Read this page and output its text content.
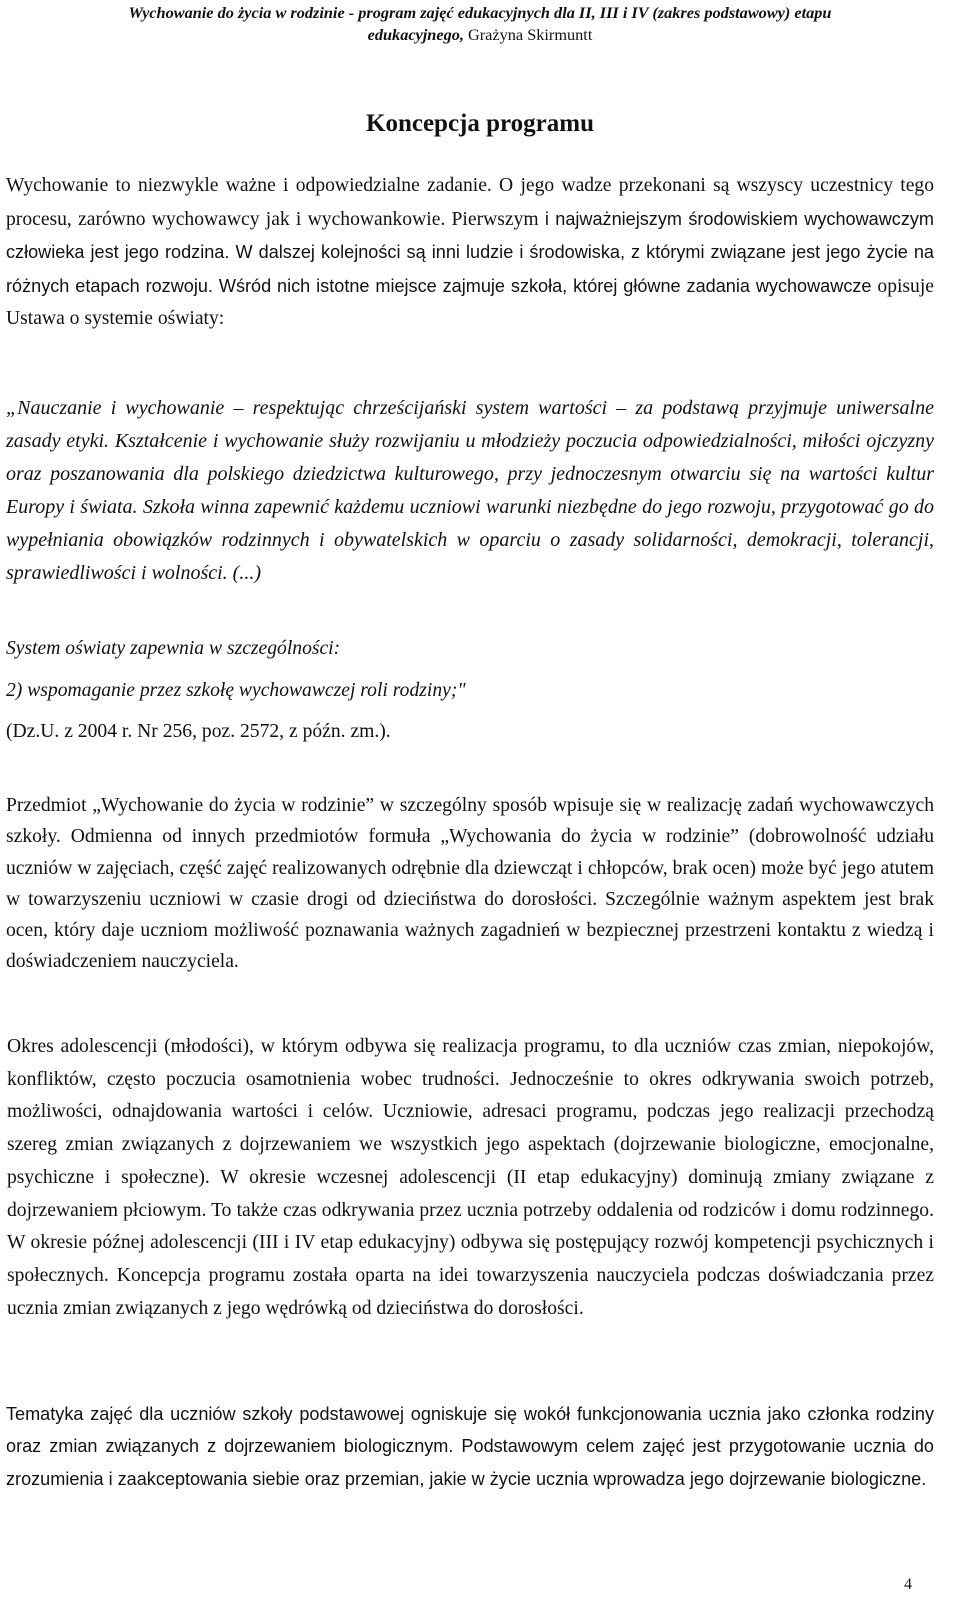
Wychowanie do życia w rodzinie - program zajęć edukacyjnych dla II, III i IV (zakres podstawowy) etapu
edukacyjnego, Grażyna Skirmuntt
Koncepcja programu
Wychowanie to niezwykle ważne i odpowiedzialne zadanie. O jego wadze przekonani są wszyscy uczestnicy tego procesu, zarówno wychowawcy jak i wychowankowie. Pierwszym i najważniejszym środowiskiem wychowawczym człowieka jest jego rodzina. W dalszej kolejności są inni ludzie i środowiska, z którymi związane jest jego życie na różnych etapach rozwoju. Wśród nich istotne miejsce zajmuje szkoła, której główne zadania wychowawcze opisuje Ustawa o systemie oświaty:
„Nauczanie i wychowanie – respektując chrześcijański system wartości – za podstawą przyjmuje uniwersalne zasady etyki. Kształcenie i wychowanie służy rozwijaniu u młodzieży poczucia odpowiedzialności, miłości ojczyzny oraz poszanowania dla polskiego dziedzictwa kulturowego, przy jednoczesnym otwarciu się na wartości kultur Europy i świata. Szkoła winna zapewnić każdemu uczniowi warunki niezbędne do jego rozwoju, przygotować go do wypełniania obowiązków rodzinnych i obywatelskich w oparciu o zasady solidarności, demokracji, tolerancji, sprawiedliwości i wolności. (...)
System oświaty zapewnia w szczególności:
2) wspomaganie przez szkołę wychowawczej roli rodziny;"
(Dz.U. z 2004 r. Nr 256, poz. 2572, z późn. zm.).
Przedmiot „Wychowanie do życia w rodzinie” w szczególny sposób wpisuje się w realizację zadań wychowawczych szkoły. Odmienna od innych przedmiotów formuła „Wychowania do życia w rodzinie” (dobrowolność udziału uczniów w zajęciach, część zajęć realizowanych odrębnie dla dziewcząt i chłopców, brak ocen) może być jego atutem w towarzyszeniu uczniowi w czasie drogi od dzieciństwa do dorosłości. Szczególnie ważnym aspektem jest brak ocen, który daje uczniom możliwość poznawania ważnych zagadnień w bezpiecznej przestrzeni kontaktu z wiedzą i doświadczeniem nauczyciela.
Okres adolescencji (młodości), w którym odbywa się realizacja programu, to dla uczniów czas zmian, niepokojów, konfliktów, często poczucia osamotnienia wobec trudności. Jednocześnie to okres odkrywania swoich potrzeb, możliwości, odnajdowania wartości i celów. Uczniowie, adresaci programu, podczas jego realizacji przechodzą szereg zmian związanych z dojrzewaniem we wszystkich jego aspektach (dojrzewanie biologiczne, emocjonalne, psychiczne i społeczne). W okresie wczesnej adolescencji (II etap edukacyjny) dominują zmiany związane z dojrzewaniem płciowym. To także czas odkrywania przez ucznia potrzeby oddalenia od rodziców i domu rodzinnego. W okresie późnej adolescencji (III i IV etap edukacyjny) odbywa się postępujący rozwój kompetencji psychicznych i społecznych. Koncepcja programu została oparta na idei towarzyszenia nauczyciela podczas doświadczania przez ucznia zmian związanych z jego wędrówką od dzieciństwa do dorosłości.
Tematyka zajęć dla uczniów szkoły podstawowej ogniskuje się wokół funkcjonowania ucznia jako członka rodziny oraz zmian związanych z dojrzewaniem biologicznym. Podstawowym celem zajęć jest przygotowanie ucznia do zrozumienia i zaakceptowania siebie oraz przemian, jakie w życie ucznia wprowadza jego dojrzewanie biologiczne.
4
